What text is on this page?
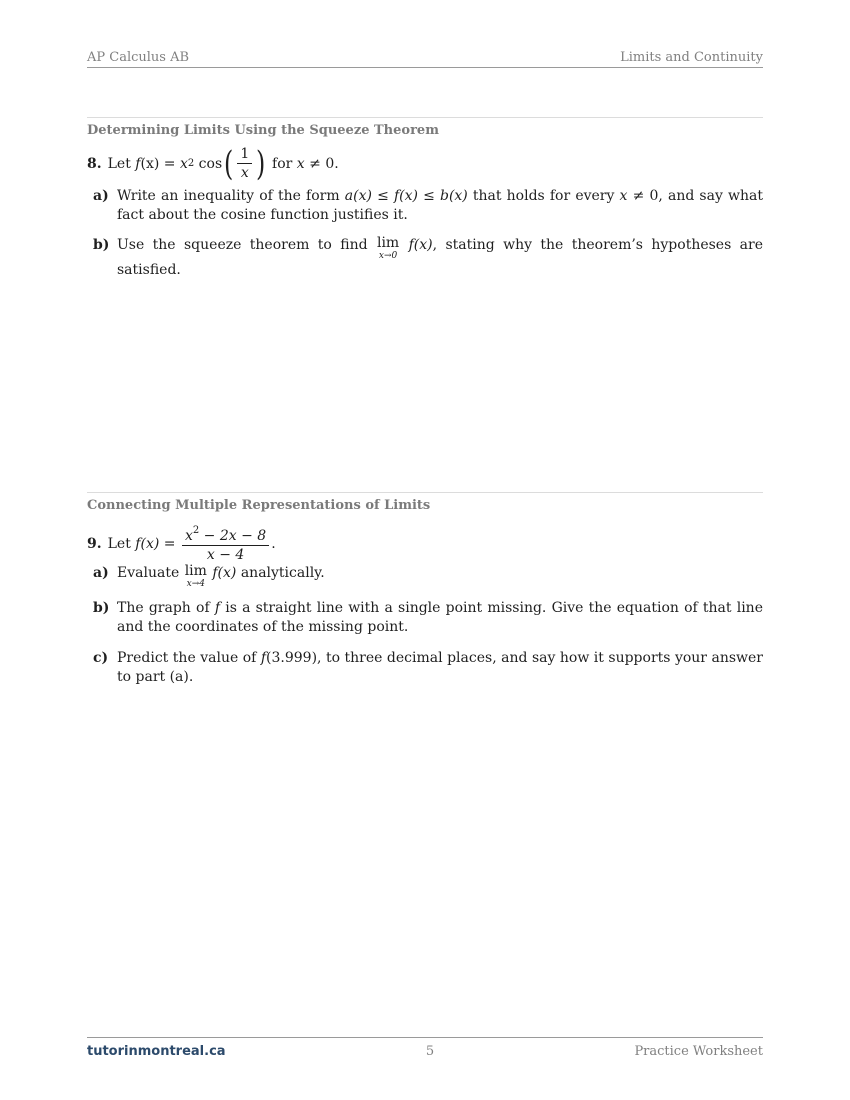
AP Calculus AB	Limits and Continuity
Determining Limits Using the Squeeze Theorem
8. Let
f (x) = x 2 cos ( $\frac{1}{x}$ ) for x ≠ 0.
a) Write an inequality of the form a(x) ≤ f(x) ≤ b(x) that holds for every x ≠ 0, and say what fact about the cosine function justifies it.
b) Use the squeeze theorem to find lim
x→0
f(x), stating why the theorem’s hypotheses are satisfied.
Connecting Multiple Representations of Limits
9. Let
$f(x) = \frac{x^2 - 2x - 8}{x - 4}$ .
a) Evaluate lim
x→4
f(x) analytically.
b) The graph of f is a straight line with a single point missing. Give the equation of that line and the coordinates of the missing point.
c) Predict the value of f(3.999), to three decimal places, and say how it supports your answer to part (a).
tutorinmontreal.ca	5	Practice Worksheet
